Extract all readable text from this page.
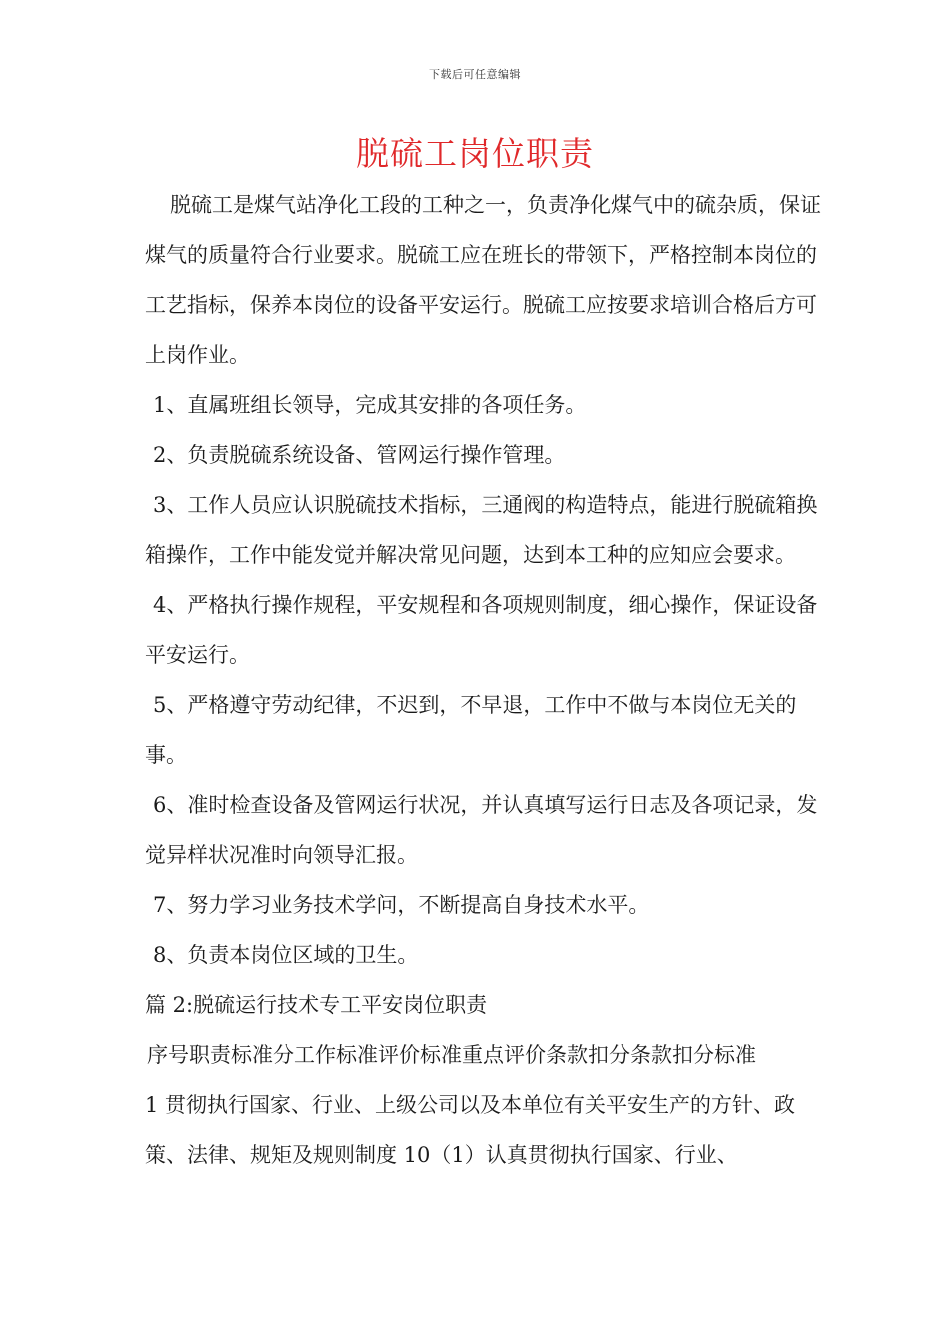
下载后可任意编辑
脱硫工岗位职责

脱硫工是煤气站净化工段的工种之一，负责净化煤气中的硫杂质，保证煤气的质量符合行业要求。脱硫工应在班长的带领下，严格控制本岗位的工艺指标，保养本岗位的设备平安运行。脱硫工应按要求培训合格后方可上岗作业。

1、直属班组长领导，完成其安排的各项任务。

2、负责脱硫系统设备、管网运行操作管理。

3、工作人员应认识脱硫技术指标，三通阀的构造特点，能进行脱硫箱换箱操作，工作中能发觉并解决常见问题，达到本工种的应知应会要求。

4、严格执行操作规程，平安规程和各项规则制度，细心操作，保证设备平安运行。

5、严格遵守劳动纪律，不迟到，不早退，工作中不做与本岗位无关的事。

6、准时检查设备及管网运行状况，并认真填写运行日志及各项记录，发觉异样状况准时向领导汇报。

7、努力学习业务技术学问，不断提高自身技术水平。

8、负责本岗位区域的卫生。

篇 2:脱硫运行技术专工平安岗位职责

序号职责标准分工作标准评价标准重点评价条款扣分条款扣分标准

1 贯彻执行国家、行业、上级公司以及本单位有关平安生产的方针、政策、法律、规矩及规则制度 10（1）认真贯彻执行国家、行业、
